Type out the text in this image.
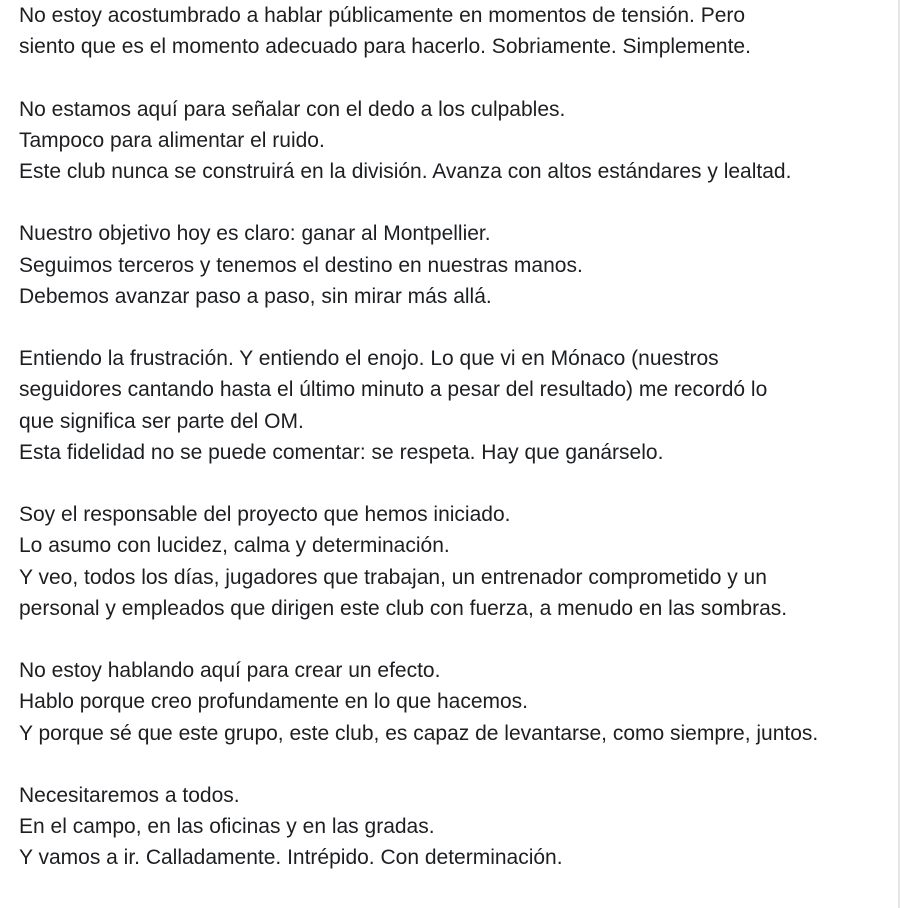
No estoy acostumbrado a hablar públicamente en momentos de tensión. Pero
siento que es el momento adecuado para hacerlo. Sobriamente. Simplemente.

No estamos aquí para señalar con el dedo a los culpables.
Tampoco para alimentar el ruido.
Este club nunca se construirá en la división. Avanza con altos estándares y lealtad.

Nuestro objetivo hoy es claro: ganar al Montpellier.
Seguimos terceros y tenemos el destino en nuestras manos.
Debemos avanzar paso a paso, sin mirar más allá.

Entiendo la frustración. Y entiendo el enojo. Lo que vi en Mónaco (nuestros
seguidores cantando hasta el último minuto a pesar del resultado) me recordó lo
que significa ser parte del OM.
Esta fidelidad no se puede comentar: se respeta. Hay que ganárselo.

Soy el responsable del proyecto que hemos iniciado.
Lo asumo con lucidez, calma y determinación.
Y veo, todos los días, jugadores que trabajan, un entrenador comprometido y un
personal y empleados que dirigen este club con fuerza, a menudo en las sombras.

No estoy hablando aquí para crear un efecto.
Hablo porque creo profundamente en lo que hacemos.
Y porque sé que este grupo, este club, es capaz de levantarse, como siempre, juntos.

Necesitaremos a todos.
En el campo, en las oficinas y en las gradas.
Y vamos a ir. Calladamente. Intrépido. Con determinación.
